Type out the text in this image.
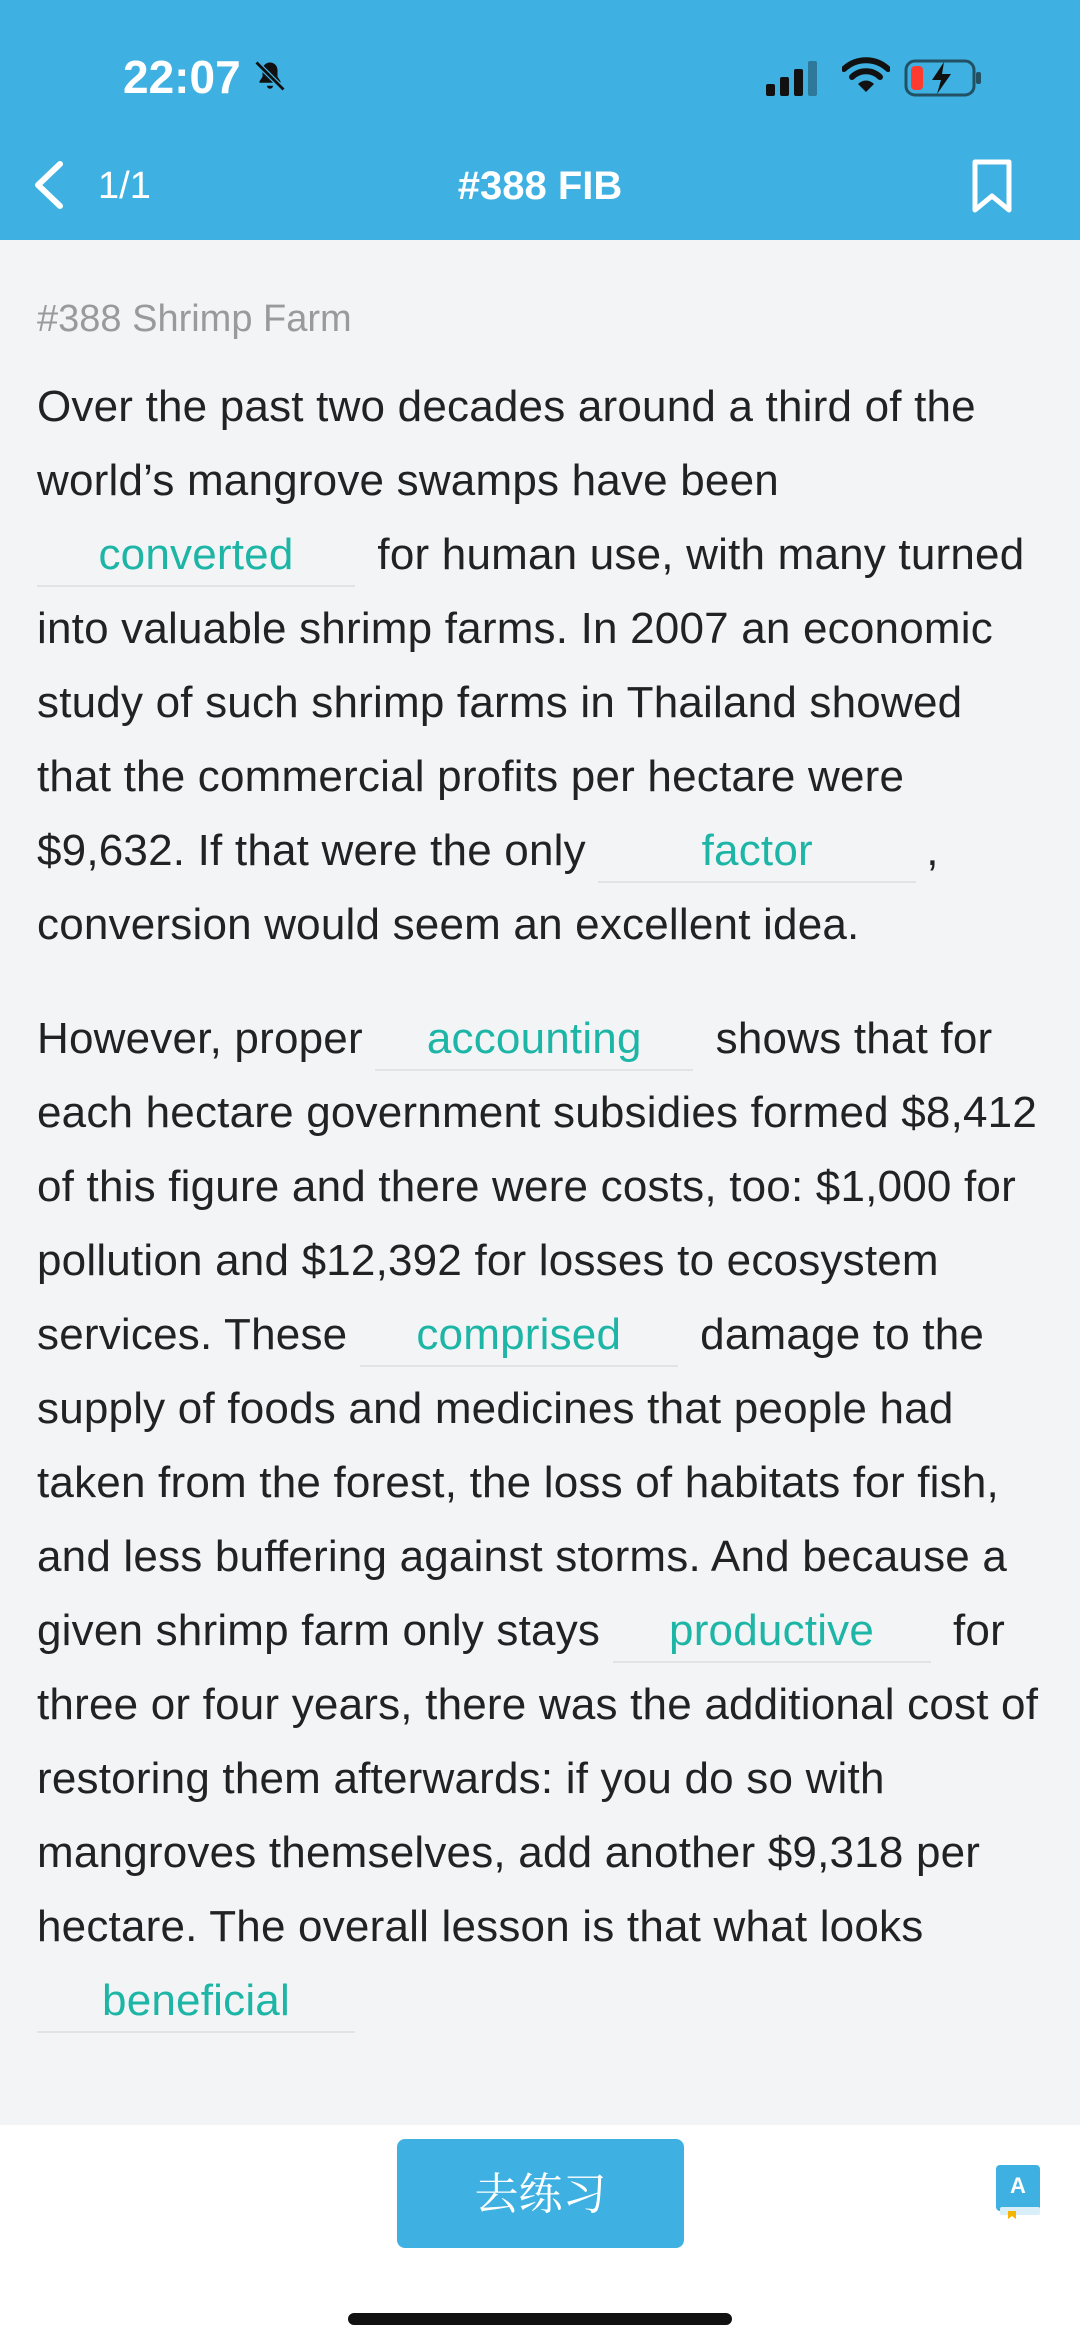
22:07
1/1	#388 FIB
#388 Shrimp Farm

Over the past two decades around a third of the world’s mangrove swamps have been converted for human use, with many turned into valuable shrimp farms. In 2007 an economic study of such shrimp farms in Thailand showed that the commercial profits per hectare were $9,632. If that were the only factor	, conversion would seem an excellent idea.

However, proper accounting shows that for each hectare government subsidies formed $8,412 of this figure and there were costs, too: $1,000 for pollution and $12,392 for losses to ecosystem services. These comprised damage to the supply of foods and medicines that people had taken from the forest, the loss of habitats for fish, and less buffering against storms. And because a given shrimp farm only stays productive for three or four years, there was the additional cost of restoring them afterwards: if you do so with mangroves themselves, add another $9,318 per hectare. The overall lesson is that what looks beneficial

去练习	A
